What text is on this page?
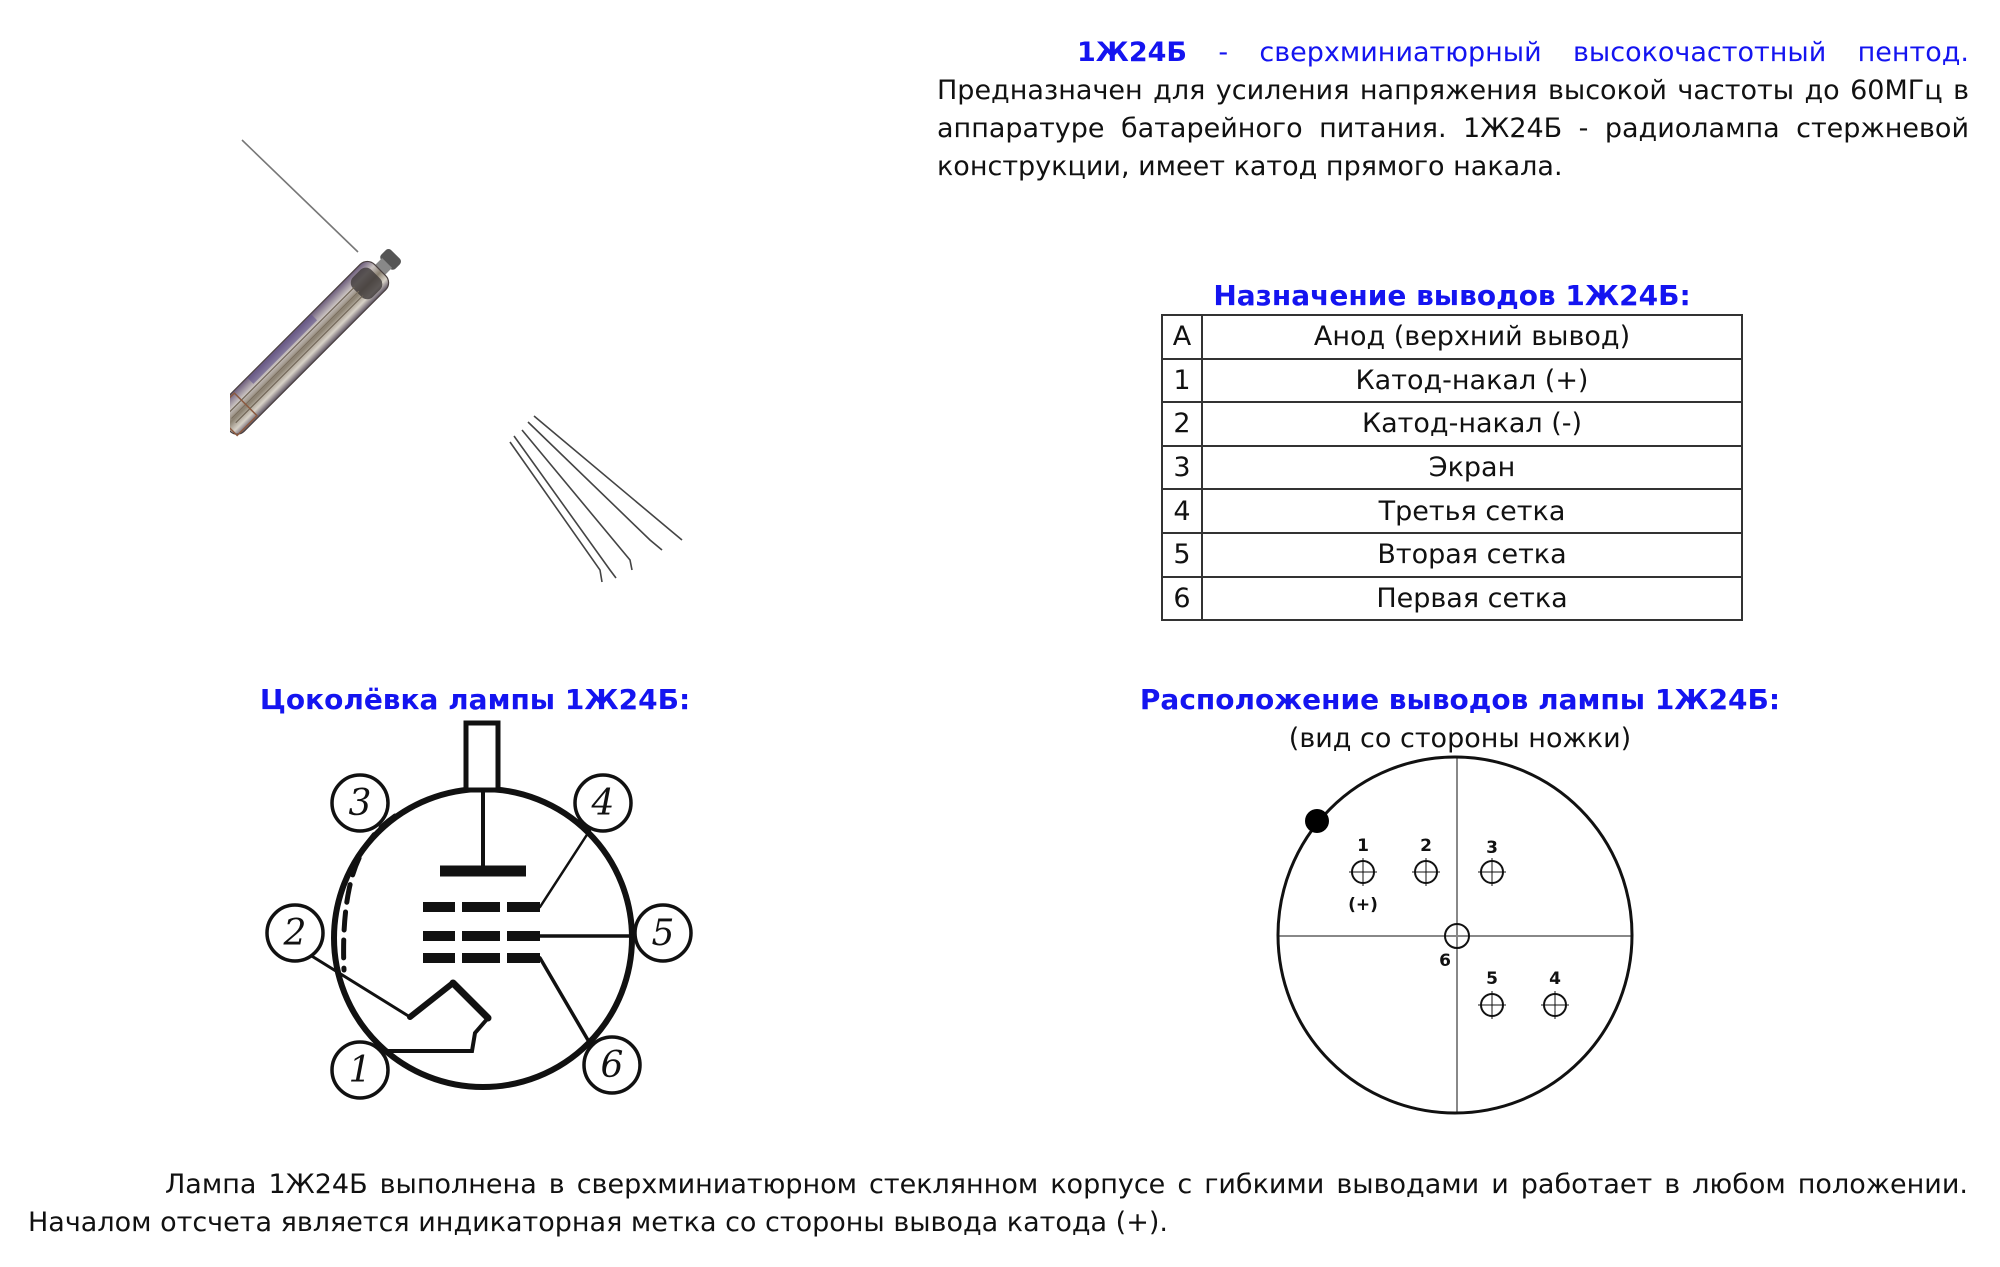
1Ж24Б - сверхминиатюрный высокочастотный пентод. Предназначен для усиления напряжения высокой частоты до 60МГц в аппаратуре батарейного питания. 1Ж24Б - радиолампа стержневой конструкции, имеет катод прямого накала.
Назначение выводов 1Ж24Б:
А	Анод (верхний вывод)
1	Катод-накал (+)
2	Катод-накал (-)
3	Экран
4	Третья сетка
5	Вторая сетка
6	Первая сетка
Цоколёвка лампы 1Ж24Б:
3	4
2	5
1	6
Расположение выводов лампы 1Ж24Б:
(вид со стороны ножки)
1	2	3
(+)
6
5	4
Лампа 1Ж24Б выполнена в сверхминиатюрном стеклянном корпусе с гибкими выводами и работает в любом положении. Началом отсчета является индикаторная метка со стороны вывода катода (+).
